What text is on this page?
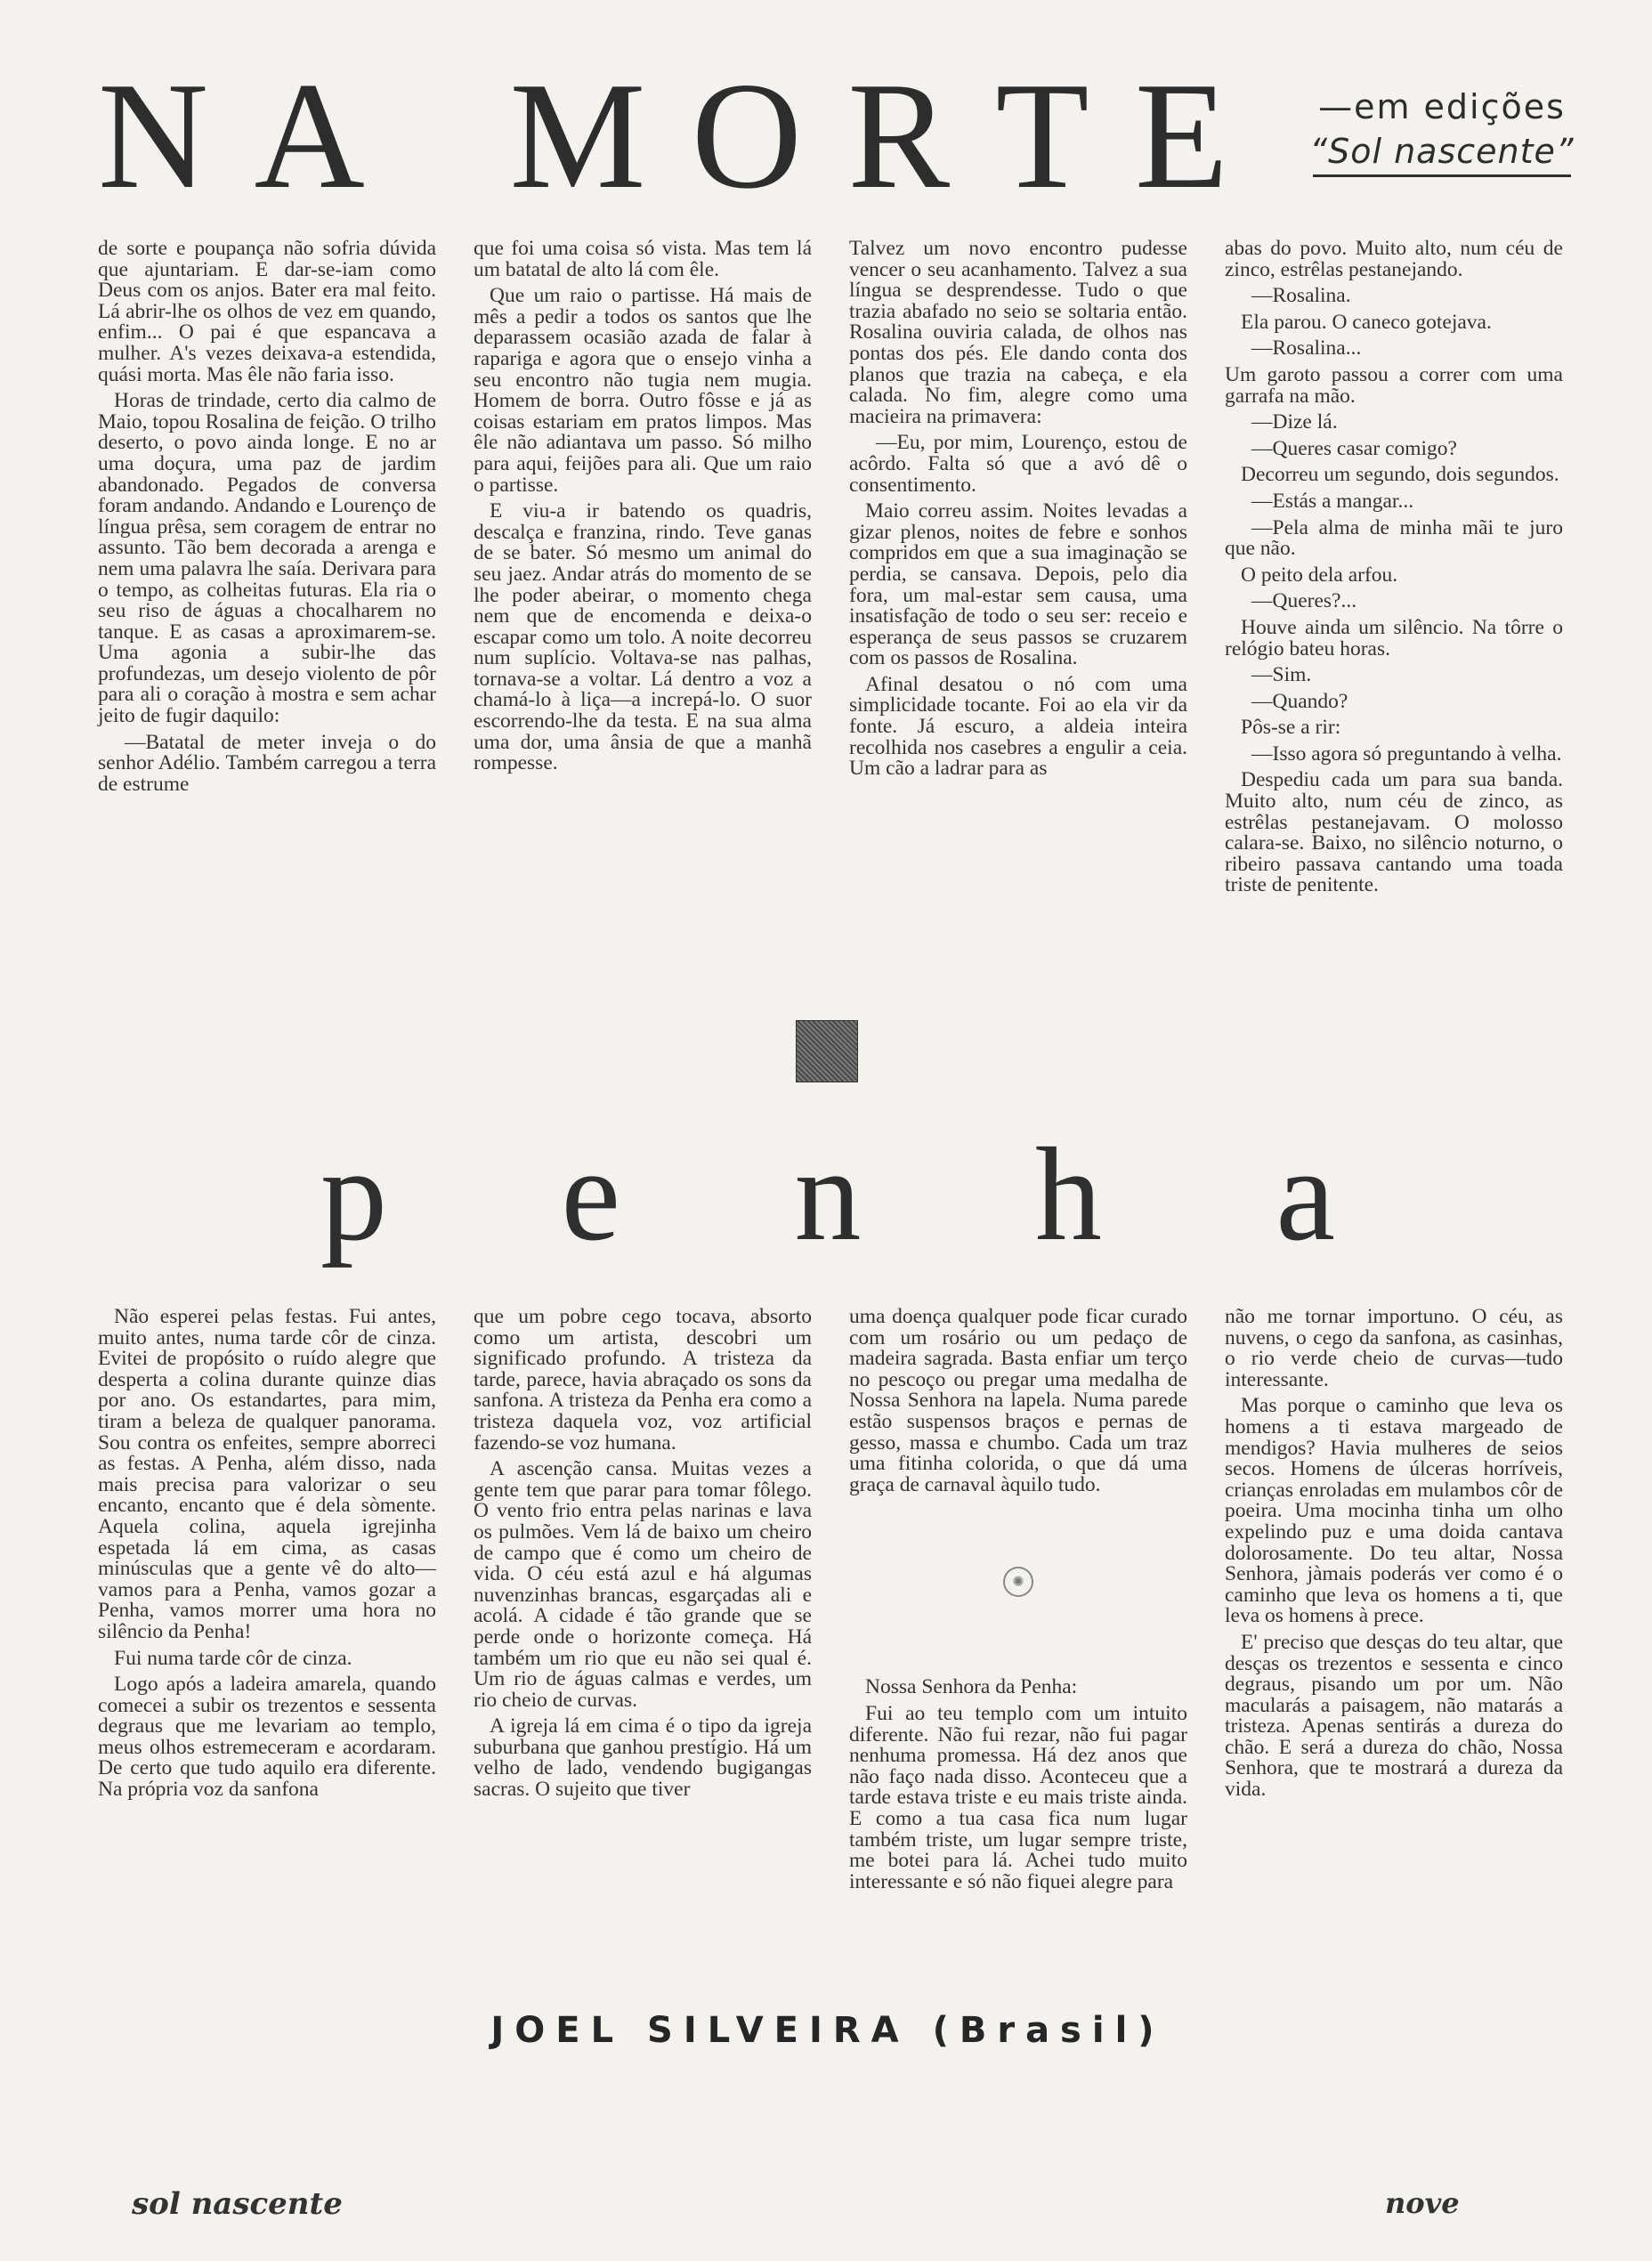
N A M O R T E	—em edições
“Sol nascente”

de sorte e poupança não sofria dúvida que ajuntariam. E dar-se-iam como Deus com os anjos. Bater era mal feito. Lá abrir-lhe os olhos de vez em quando, enfim... O pai é que espancava a mulher. A's vezes deixava-a estendida, quási morta. Mas êle não faria isso.

Horas de trindade, certo dia calmo de Maio, topou Rosalina de feição. O trilho deserto, o povo ainda longe. E no ar uma doçura, uma paz de jardim abandonado. Pegados de conversa foram andando. Andando e Lourenço de língua prêsa, sem coragem de entrar no assunto. Tão bem decorada a arenga e nem uma palavra lhe saía. Derivara para o tempo, as colheitas futuras. Ela ria o seu riso de águas a chocalharem no tanque. E as casas a aproximarem-se. Uma agonia a subir-lhe das profundezas, um desejo violento de pôr para ali o coração à mostra e sem achar jeito de fugir daquilo:

—Batatal de meter inveja o do senhor Adélio. Também carregou a terra de estrume

que foi uma coisa só vista. Mas tem lá um batatal de alto lá com êle.

Que um raio o partisse. Há mais de mês a pedir a todos os santos que lhe deparassem ocasião azada de falar à rapariga e agora que o ensejo vinha a seu encontro não tugia nem mugia. Homem de borra. Outro fôsse e já as coisas estariam em pratos limpos. Mas êle não adiantava um passo. Só milho para aqui, feijões para ali. Que um raio o partisse.

E viu-a ir batendo os quadris, descalça e franzina, rindo. Teve ganas de se bater. Só mesmo um animal do seu jaez. Andar atrás do momento de se lhe poder abeirar, o momento chega nem que de encomenda e deixa-o escapar como um tolo. A noite decorreu num suplício. Voltava-se nas palhas, tornava-se a voltar. Lá dentro a voz a chamá-lo à liça—a increpá-lo. O suor escorrendo-lhe da testa. E na sua alma uma dor, uma ânsia de que a manhã rompesse.

Talvez um novo encontro pudesse vencer o seu acanhamento. Talvez a sua língua se desprendesse. Tudo o que trazia abafado no seio se soltaria então. Rosalina ouviria calada, de olhos nas pontas dos pés. Ele dando conta dos planos que trazia na cabeça, e ela calada. No fim, alegre como uma macieira na primavera:

—Eu, por mim, Lourenço, estou de acôrdo. Falta só que a avó dê o consentimento.

Maio correu assim. Noites levadas a gizar plenos, noites de febre e sonhos compridos em que a sua imaginação se perdia, se cansava. Depois, pelo dia fora, um mal-estar sem causa, uma insatisfação de todo o seu ser: receio e esperança de seus passos se cruzarem com os passos de Rosalina.

Afinal desatou o nó com uma simplicidade tocante. Foi ao ela vir da fonte. Já escuro, a aldeia inteira recolhida nos casebres a engulir a ceia. Um cão a ladrar para as

abas do povo. Muito alto, num céu de zinco, estrêlas pestanejando.

—Rosalina.

Ela parou. O caneco gotejava.

—Rosalina...

Um garoto passou a correr com uma garrafa na mão.

—Dize lá.

—Queres casar comigo?

Decorreu um segundo, dois segundos.

—Estás a mangar...

—Pela alma de minha mãi te juro que não.

O peito dela arfou.

—Queres?...

Houve ainda um silêncio. Na tôrre o relógio bateu horas.

—Sim.

—Quando?

Pôs-se a rir:

—Isso agora só preguntando à velha.

Despediu cada um para sua banda. Muito alto, num céu de zinco, as estrêlas pestanejavam. O molosso calara-se. Baixo, no silêncio noturno, o ribeiro passava cantando uma toada triste de penitente.

p e n h a

Não esperei pelas festas. Fui antes, muito antes, numa tarde côr de cinza. Evitei de propósito o ruído alegre que desperta a colina durante quinze dias por ano. Os estandartes, para mim, tiram a beleza de qualquer panorama. Sou contra os enfeites, sempre aborreci as festas. A Penha, além disso, nada mais precisa para valorizar o seu encanto, encanto que é dela sòmente. Aquela colina, aquela igrejinha espetada lá em cima, as casas minúsculas que a gente vê do alto—vamos para a Penha, vamos gozar a Penha, vamos morrer uma hora no silêncio da Penha!

Fui numa tarde côr de cinza.

Logo após a ladeira amarela, quando comecei a subir os trezentos e sessenta degraus que me levariam ao templo, meus olhos estremeceram e acordaram. De certo que tudo aquilo era diferente. Na própria voz da sanfona

que um pobre cego tocava, absorto como um artista, descobri um significado profundo. A tristeza da tarde, parece, havia abraçado os sons da sanfona. A tristeza da Penha era como a tristeza daquela voz, voz artificial fazendo-se voz humana.

A ascenção cansa. Muitas vezes a gente tem que parar para tomar fôlego. O vento frio entra pelas narinas e lava os pulmões. Vem lá de baixo um cheiro de campo que é como um cheiro de vida. O céu está azul e há algumas nuvenzinhas brancas, esgarçadas ali e acolá. A cidade é tão grande que se perde onde o horizonte começa. Há também um rio que eu não sei qual é. Um rio de águas calmas e verdes, um rio cheio de curvas.

A igreja lá em cima é o tipo da igreja suburbana que ganhou prestígio. Há um velho de lado, vendendo bugigangas sacras. O sujeito que tiver

uma doença qualquer pode ficar curado com um rosário ou um pedaço de madeira sagrada. Basta enfiar um terço no pescoço ou pregar uma medalha de Nossa Senhora na lapela. Numa parede estão suspensos braços e pernas de gesso, massa e chumbo. Cada um traz uma fitinha colorida, o que dá uma graça de carnaval àquilo tudo.

✺

Nossa Senhora da Penha:

Fui ao teu templo com um intuito diferente. Não fui rezar, não fui pagar nenhuma promessa. Há dez anos que não faço nada disso. Aconteceu que a tarde estava triste e eu mais triste ainda. E como a tua casa fica num lugar também triste, um lugar sempre triste, me botei para lá. Achei tudo muito interessante e só não fiquei alegre para

não me tornar importuno. O céu, as nuvens, o cego da sanfona, as casinhas, o rio verde cheio de curvas—tudo interessante.

Mas porque o caminho que leva os homens a ti estava margeado de mendigos? Havia mulheres de seios secos. Homens de úlceras horríveis, crianças enroladas em mulambos côr de poeira. Uma mocinha tinha um olho expelindo puz e uma doida cantava dolorosamente. Do teu altar, Nossa Senhora, jàmais poderás ver como é o caminho que leva os homens a ti, que leva os homens à prece.

E' preciso que desças do teu altar, que desças os trezentos e sessenta e cinco degraus, pisando um por um. Não macularás a paisagem, não matarás a tristeza. Apenas sentirás a dureza do chão. E será a dureza do chão, Nossa Senhora, que te mostrará a dureza da vida.

JOEL SILVEIRA (Brasil)
sol nascente	nove
